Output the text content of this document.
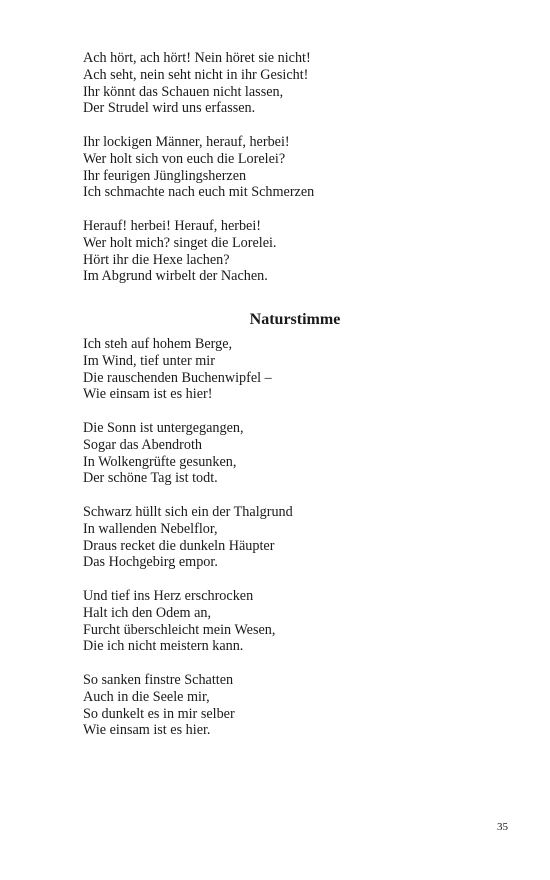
Ach hört, ach hört! Nein höret sie nicht!
Ach seht, nein seht nicht in ihr Gesicht!
Ihr könnt das Schauen nicht lassen,
Der Strudel wird uns erfassen.
Ihr lockigen Männer, herauf, herbei!
Wer holt sich von euch die Lorelei?
Ihr feurigen Jünglingsherzen
Ich schmachte nach euch mit Schmerzen
Herauf! herbei! Herauf, herbei!
Wer holt mich? singet die Lorelei.
Hört ihr die Hexe lachen?
Im Abgrund wirbelt der Nachen.
Naturstimme
Ich steh auf hohem Berge,
Im Wind, tief unter mir
Die rauschenden Buchenwipfel –
Wie einsam ist es hier!
Die Sonn ist untergegangen,
Sogar das Abendroth
In Wolkengrüfte gesunken,
Der schöne Tag ist todt.
Schwarz hüllt sich ein der Thalgrund
In wallenden Nebelflor,
Draus recket die dunkeln Häupter
Das Hochgebirg empor.
Und tief ins Herz erschrocken
Halt ich den Odem an,
Furcht überschleicht mein Wesen,
Die ich nicht meistern kann.
So sanken finstre Schatten
Auch in die Seele mir,
So dunkelt es in mir selber
Wie einsam ist es hier.
35
